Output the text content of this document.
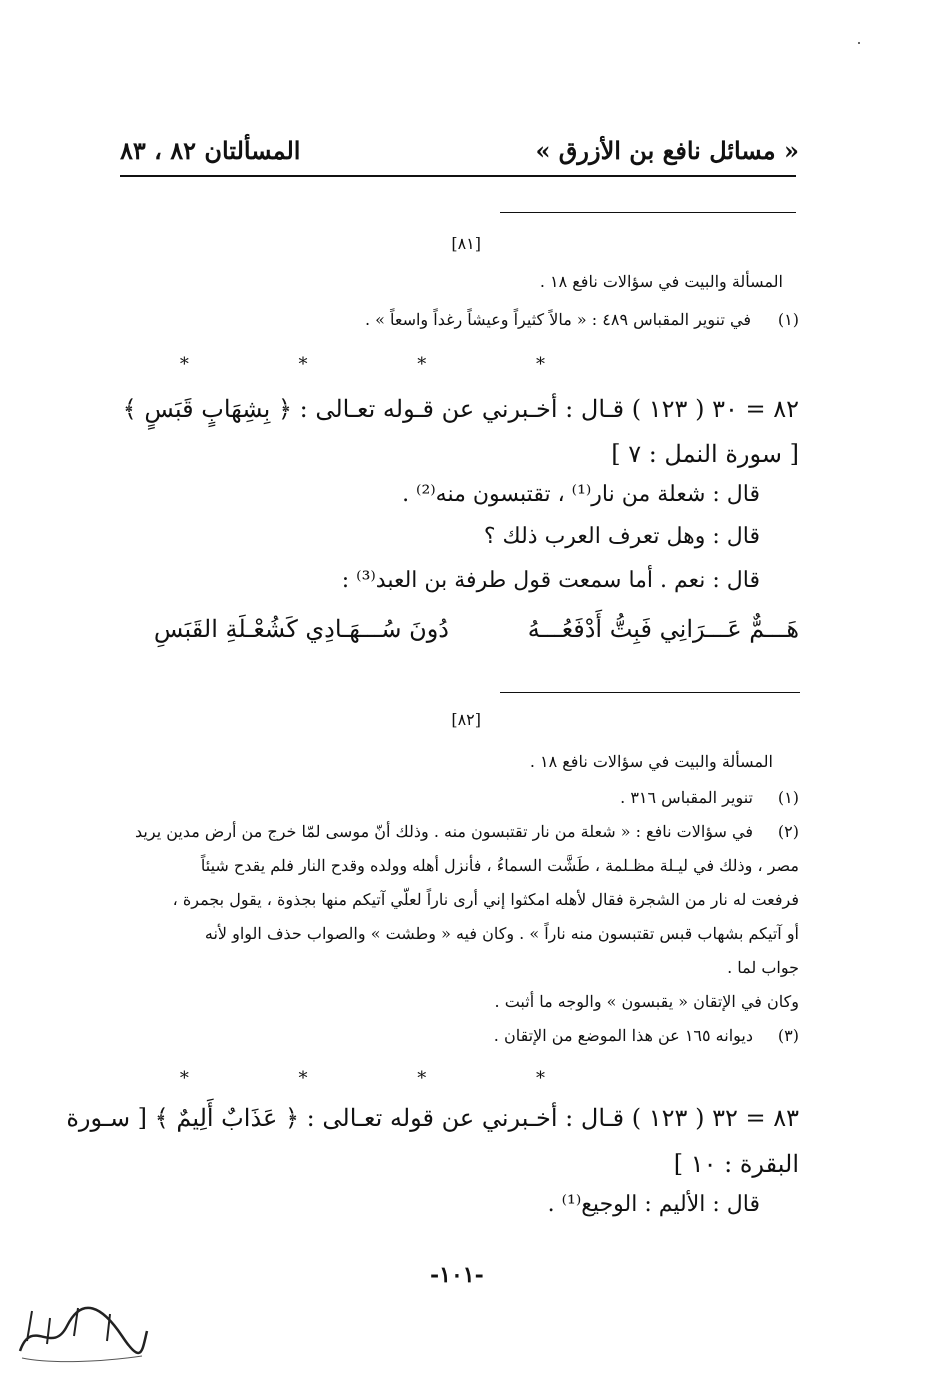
« مسائل نافع بن الأزرق »
المسألتان ٨٢ ، ٨٣
[٨١]
المسألة والبيت في سؤالات نافع ١٨ .
(١)
في تنوير المقباس ٤٨٩ : « مالاً كثيراً وعيشاً رغداً واسعاً » .
* * * *
٨٢ = ٣٠ ( ١٢٣ ) قـال : أخـبرني عن قـوله تعـالى : ﴿ بِشِهَابٍ قَبَسٍ ﴾
[ سورة النمل : ٧ ]
قال : شعلة من نار⁽¹⁾ ، تقتبسون منه⁽²⁾ .
قال : وهل تعرف العرب ذلك ؟
قال : نعم . أما سمعت قول طرفة بن العبد⁽³⁾ :
هَـــمٌّ عَـــرَانِي فَبِتُّ أَدْفَعُـــهُ
دُونَ سُـــهَـادِي كَشُعْـلَةِ القَبَسِ
[٨٢]
المسألة والبيت في سؤالات نافع ١٨ .
(١)
تنوير المقباس ٣١٦ .
(٢)
في سؤالات نافع : « شعلة من نار تقتبسون منه . وذلك أنّ موسى لمّا خرج من أرض مدين يريد
مصر ، وذلك في ليـلة مظـلمة ، طَشَّت السماءُ ، فأنزل أهله وولده وقدح النار فلم يقدح شيئاً
فرفعت له نار من الشجرة فقال لأهله امكثوا إني أرى ناراً لعلّي آتيكم منها بجذوة ، يقول بجمرة ،
أو آتيكم بشهاب قبس تقتبسون منه ناراً » . وكان فيه « وطشت » والصواب حذف الواو لأنه
جواب لما .
وكان في الإتقان « يقبسون » والوجه ما أثبت .
(٣)
ديوانه ١٦٥ عن هذا الموضع من الإتقان .
* * * *
٨٣ = ٣٢ ( ١٢٣ ) قـال : أخـبرني عن قوله تعـالى : ﴿ عَذَابٌ أَلِيمٌ ﴾ [ سـورة
البقرة : ١٠ ]
قال : الأليم : الوجيع⁽¹⁾ .
-١٠١-
